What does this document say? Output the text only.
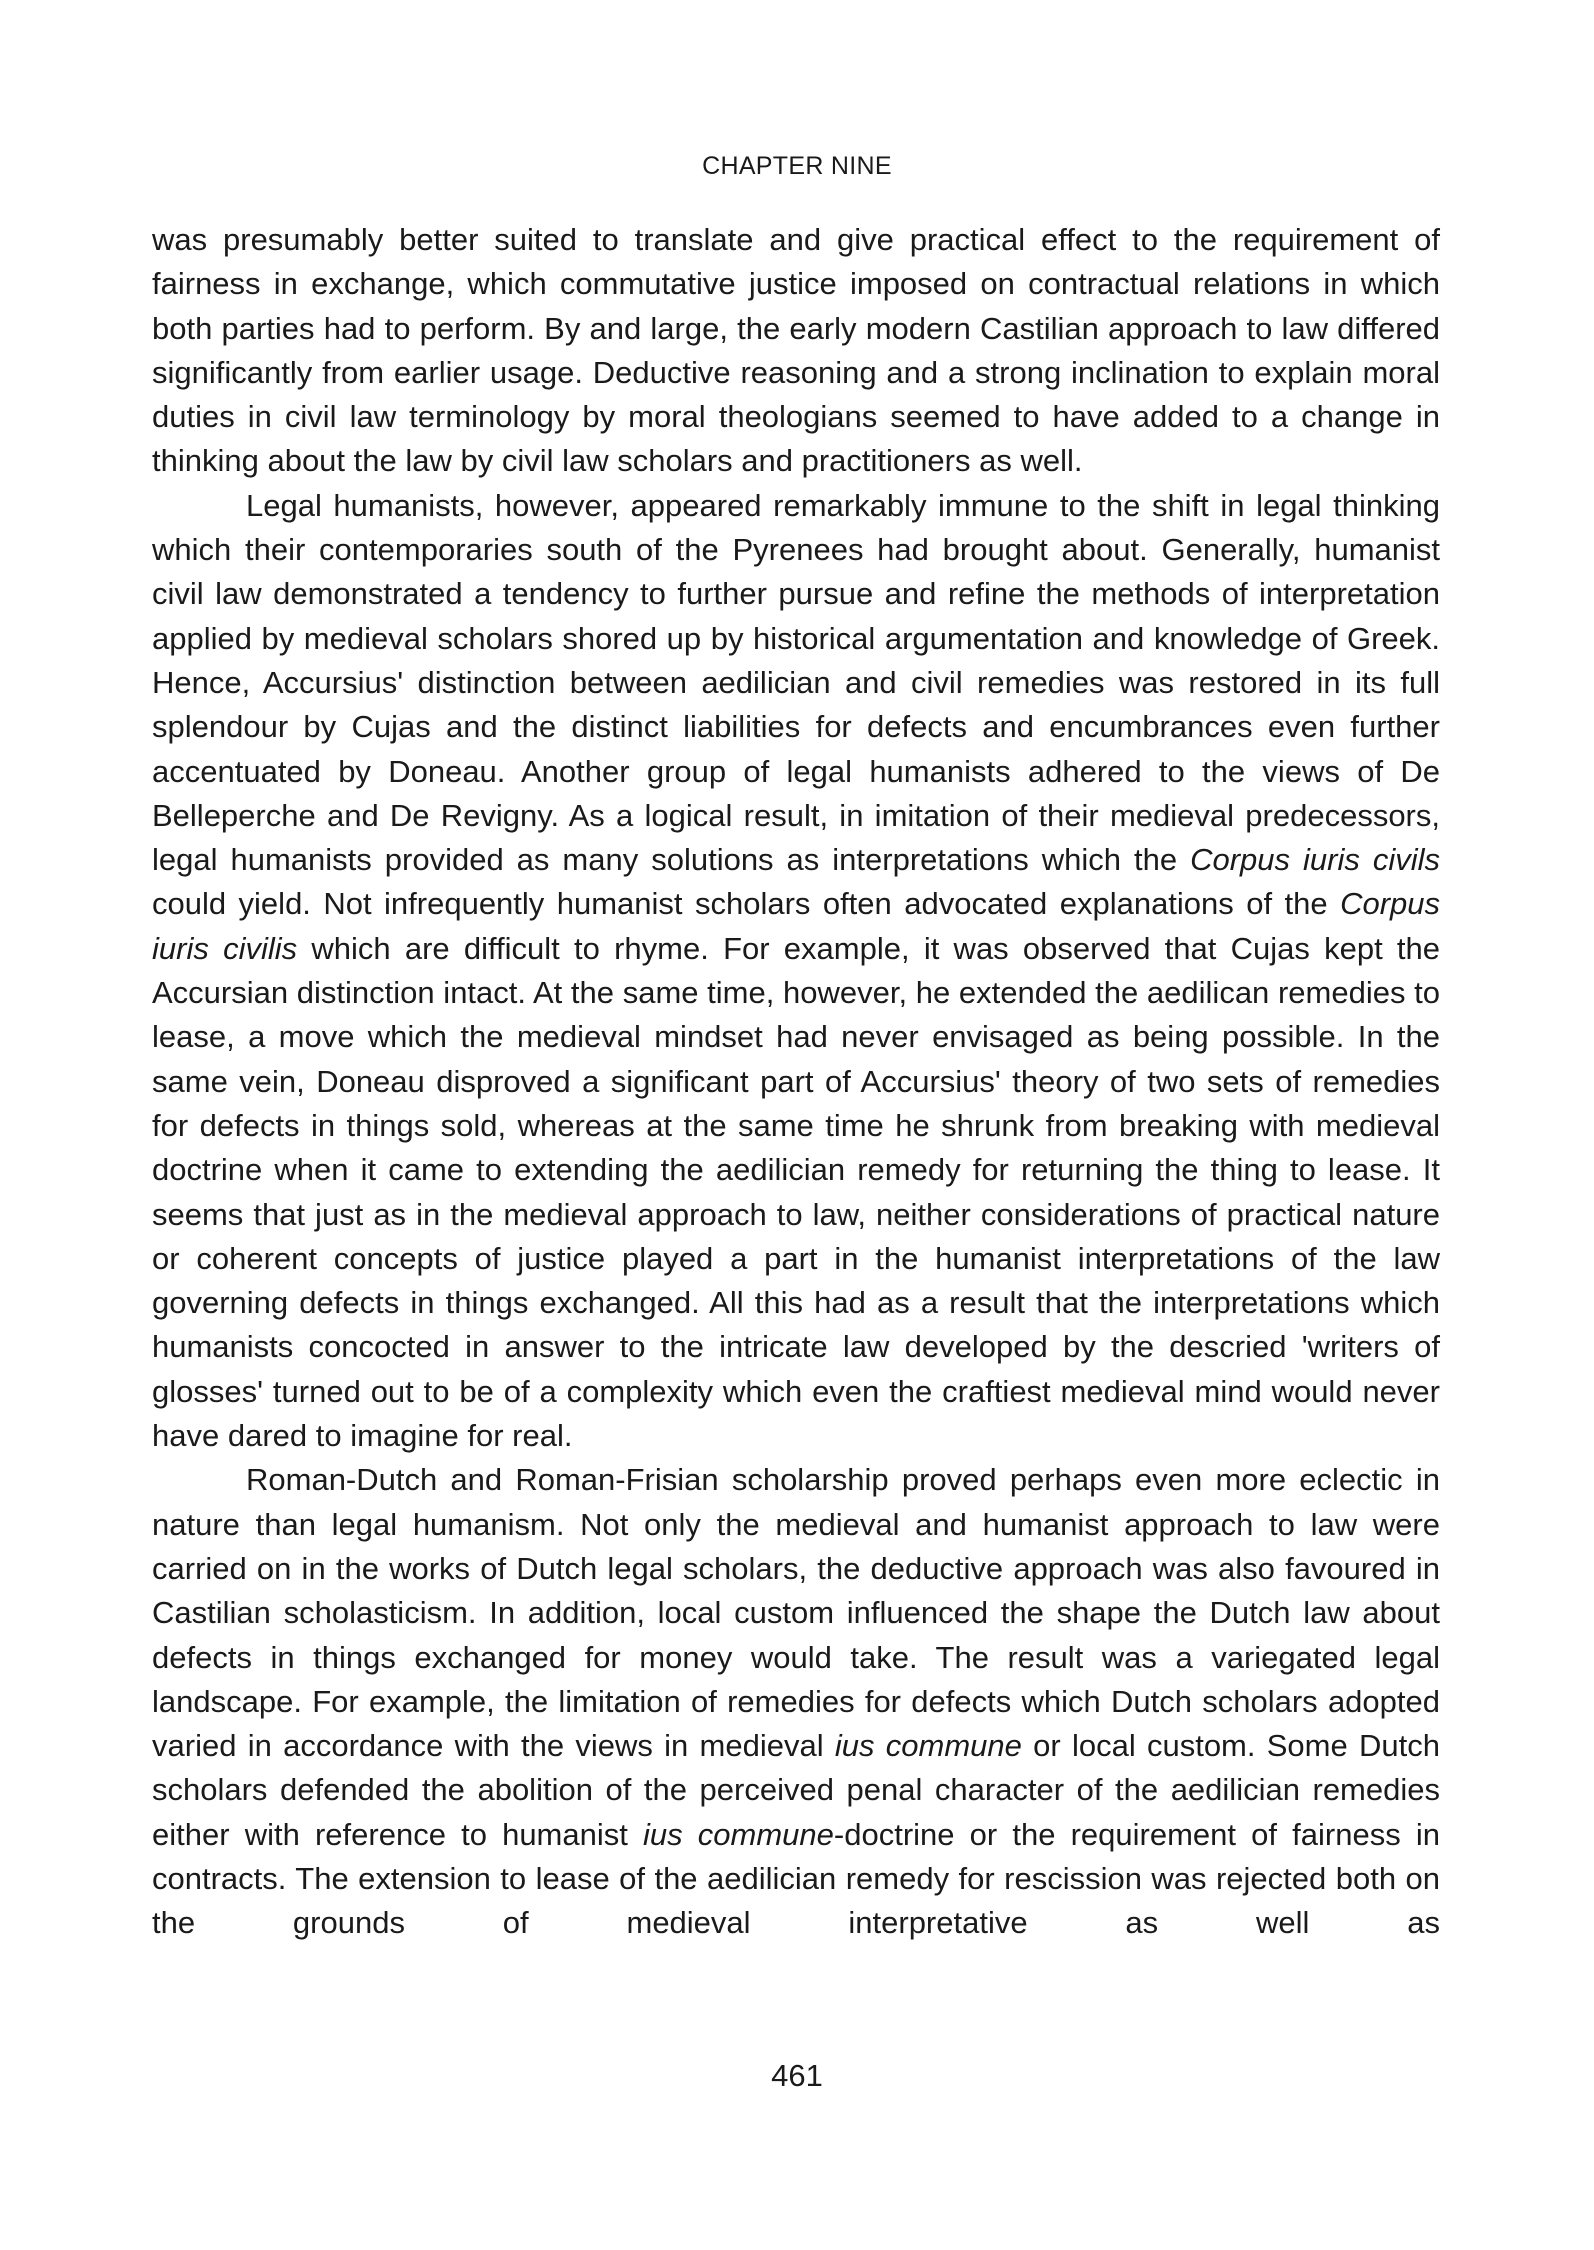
CHAPTER NINE

was presumably better suited to translate and give practical effect to the requirement of fairness in exchange, which commutative justice imposed on contractual relations in which both parties had to perform. By and large, the early modern Castilian approach to law differed significantly from earlier usage. Deductive reasoning and a strong inclination to explain moral duties in civil law terminology by moral theologians seemed to have added to a change in thinking about the law by civil law scholars and practitioners as well.

Legal humanists, however, appeared remarkably immune to the shift in legal thinking which their contemporaries south of the Pyrenees had brought about. Generally, humanist civil law demonstrated a tendency to further pursue and refine the methods of interpretation applied by medieval scholars shored up by historical argumentation and knowledge of Greek. Hence, Accursius' distinction between aedilician and civil remedies was restored in its full splendour by Cujas and the distinct liabilities for defects and encumbrances even further accentuated by Doneau. Another group of legal humanists adhered to the views of De Belleperche and De Revigny. As a logical result, in imitation of their medieval predecessors, legal humanists provided as many solutions as interpretations which the Corpus iuris civils could yield. Not infrequently humanist scholars often advocated explanations of the Corpus iuris civilis which are difficult to rhyme. For example, it was observed that Cujas kept the Accursian distinction intact. At the same time, however, he extended the aedilican remedies to lease, a move which the medieval mindset had never envisaged as being possible. In the same vein, Doneau disproved a significant part of Accursius' theory of two sets of remedies for defects in things sold, whereas at the same time he shrunk from breaking with medieval doctrine when it came to extending the aedilician remedy for returning the thing to lease. It seems that just as in the medieval approach to law, neither considerations of practical nature or coherent concepts of justice played a part in the humanist interpretations of the law governing defects in things exchanged. All this had as a result that the interpretations which humanists concocted in answer to the intricate law developed by the descried 'writers of glosses' turned out to be of a complexity which even the craftiest medieval mind would never have dared to imagine for real.

Roman-Dutch and Roman-Frisian scholarship proved perhaps even more eclectic in nature than legal humanism. Not only the medieval and humanist approach to law were carried on in the works of Dutch legal scholars, the deductive approach was also favoured in Castilian scholasticism. In addition, local custom influenced the shape the Dutch law about defects in things exchanged for money would take. The result was a variegated legal landscape. For example, the limitation of remedies for defects which Dutch scholars adopted varied in accordance with the views in medieval ius commune or local custom. Some Dutch scholars defended the abolition of the perceived penal character of the aedilician remedies either with reference to humanist ius commune-doctrine or the requirement of fairness in contracts. The extension to lease of the aedilician remedy for rescission was rejected both on the grounds of medieval interpretative as well as

461
